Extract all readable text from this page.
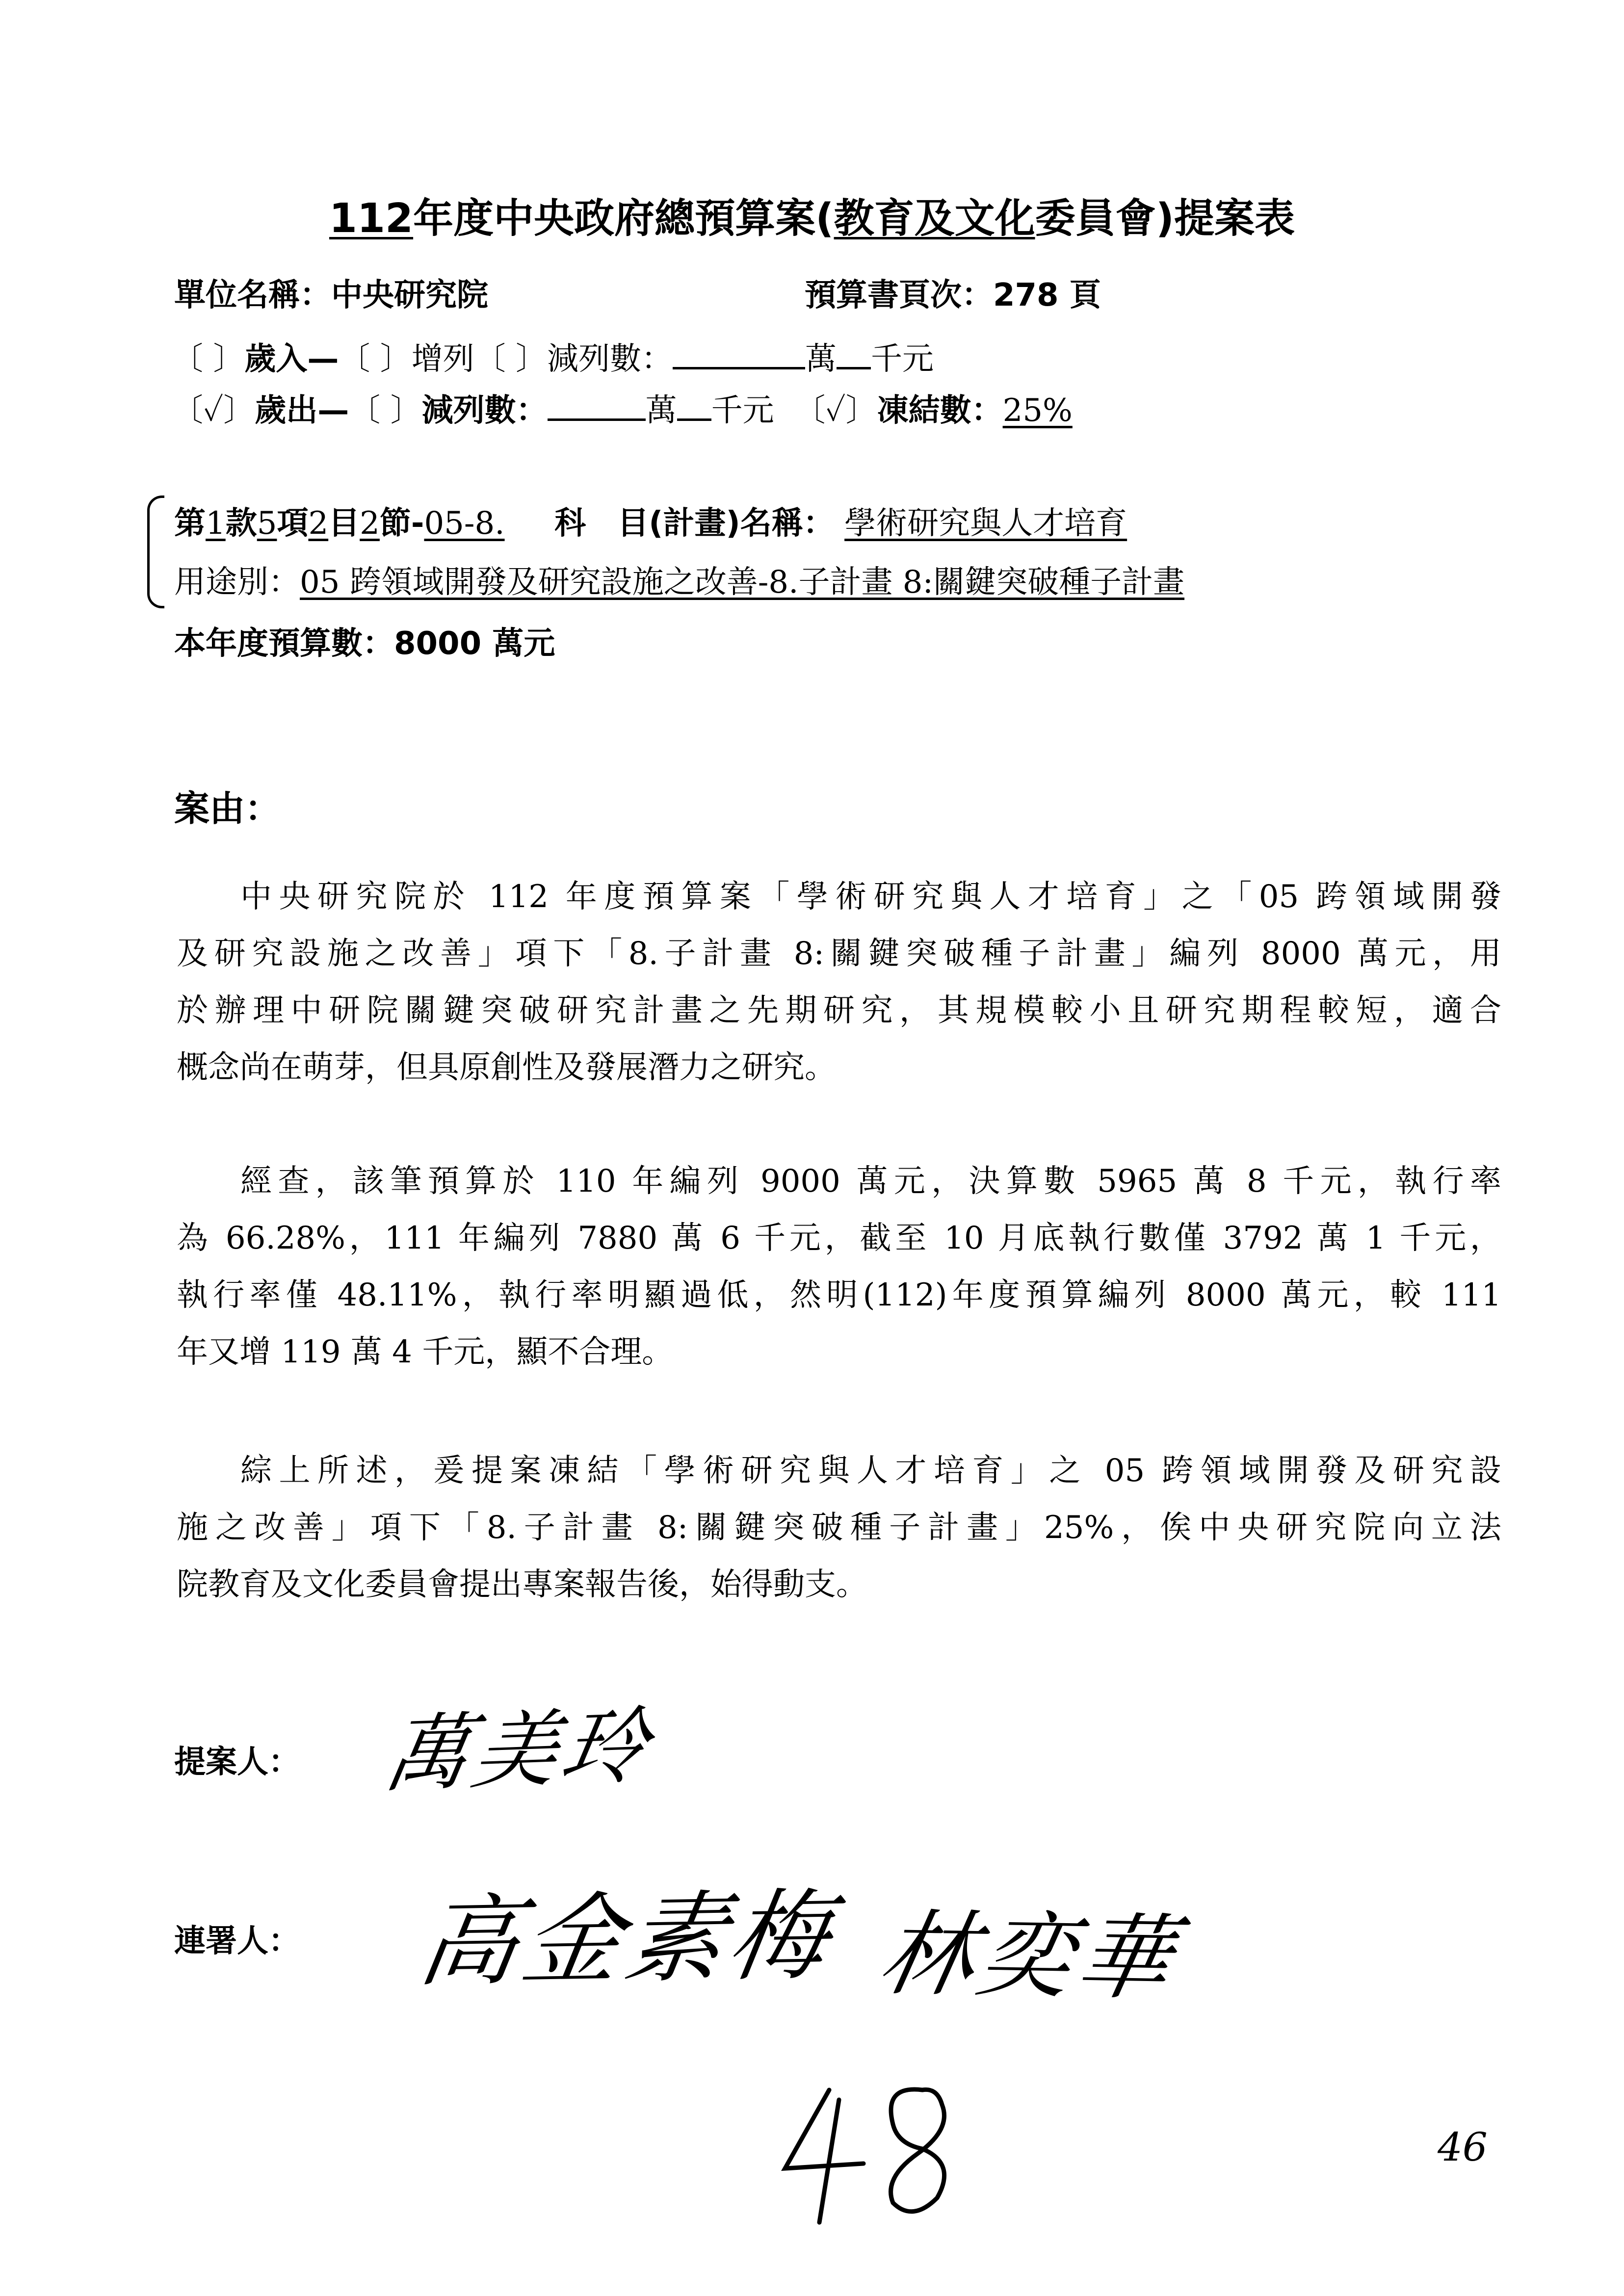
112年度中央政府總預算案(教育及文化委員會)提案表
單位名稱：中央研究院	預算書頁次：278 頁
〔 〕歲入—〔 〕增列〔 〕減列數：	萬 千元
〔✓〕歲出—〔 〕減列數：	萬 千元 〔✓〕凍結數：25%
第1款5項2目2節-05-8. 科　目(計畫)名稱： 學術研究與人才培育
用途別：05 跨領域開發及研究設施之改善-8.子計畫 8:關鍵突破種子計畫
本年度預算數：8000 萬元
案由：
中央研究院於 112 年度預算案「學術研究與人才培育」之「05 跨領域開發
及研究設施之改善」項下「8.子計畫 8:關鍵突破種子計畫」編列 8000 萬元，用
於辦理中研院關鍵突破研究計畫之先期研究，其規模較小且研究期程較短，適合
概念尚在萌芽，但具原創性及發展潛力之研究。
經查，該筆預算於 110 年編列 9000 萬元，決算數 5965 萬 8 千元，執行率
為 66.28%，111 年編列 7880 萬 6 千元，截至 10 月底執行數僅 3792 萬 1 千元，
執行率僅 48.11%，執行率明顯過低，然明(112)年度預算編列 8000 萬元，較 111
年又增 119 萬 4 千元，顯不合理。
綜上所述，爰提案凍結「學術研究與人才培育」之 05 跨領域開發及研究設
施之改善」項下「8.子計畫 8:關鍵突破種子計畫」25%，俟中央研究院向立法
院教育及文化委員會提出專案報告後，始得動支。
提案人： 萬美玲
連署人： 高金素梅 林奕華
46
